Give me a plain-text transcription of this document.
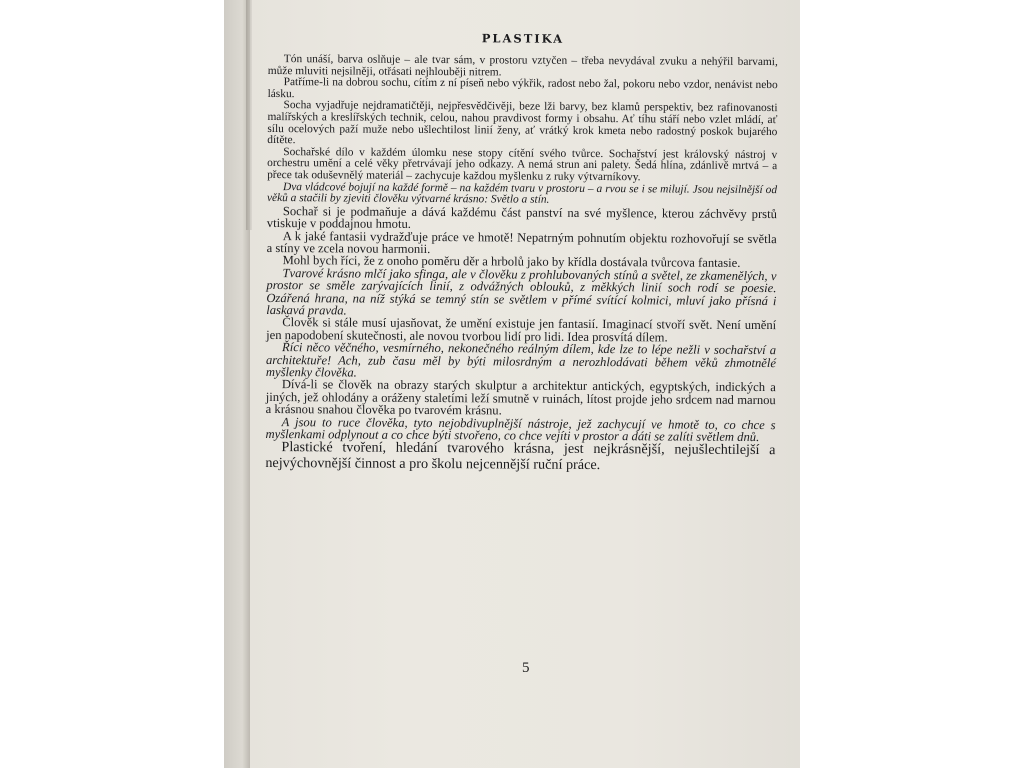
PLASTIKA

Tón unáší, barva oslňuje – ale tvar sám, v prostoru vztyčen – třeba nevydával zvuku a nehýřil barvami, může mluviti nejsilněji, otřásati nejhlouběji nitrem.

Patříme-li na dobrou sochu, cítím z ní píseň nebo výkřik, radost nebo žal, pokoru nebo vzdor, nenávist nebo lásku.

Socha vyjadřuje nejdramatičtěji, nejpřesvědčivěji, beze lži barvy, bez klamů perspektiv, bez rafinovanosti malířských a kreslířských technik, celou, nahou pravdivost formy i obsahu. Ať tíhu stáří nebo vzlet mládí, ať sílu ocelových paží muže nebo ušlechtilost linií ženy, ať vrátký krok kmeta nebo radostný poskok bujarého dítěte.

Sochařské dílo v každém úlomku nese stopy cítění svého tvůrce. Sochařství jest královský nástroj v orchestru umění a celé věky přetrvávají jeho odkazy. A nemá strun ani palety. Šedá hlína, zdánlivě mrtvá – a přece tak oduševnělý materiál – zachycuje každou myšlenku z ruky výtvarníkovy.

Dva vládcové bojují na každé formě – na každém tvaru v prostoru – a rvou se i se milují. Jsou nejsilnější od věků a stačili by zjeviti člověku výtvarné krásno: Světlo a stín.

Sochař si je podmaňuje a dává každému část panství na své myšlence, kterou záchvěvy prstů vtiskuje v poddajnou hmotu.

A k jaké fantasii vydražďuje práce ve hmotě! Nepatrným pohnutím objektu rozhovořují se světla a stíny ve zcela novou harmonii.

Mohl bych říci, že z onoho poměru děr a hrbolů jako by křídla dostávala tvůrcova fantasie.

Tvarové krásno mlčí jako sfinga, ale v člověku z prohlubovaných stínů a světel, ze zkamenělých, v prostor se směle zarývajících linií, z odvážných oblouků, z měkkých linií soch rodí se poesie. Ozářená hrana, na níž stýká se temný stín se světlem v přímé svítící kolmici, mluví jako přísná i laskavá pravda.

Člověk si stále musí ujasňovat, že umění existuje jen fantasií. Imaginací stvoří svět. Není umění jen napodobení skutečnosti, ale novou tvorbou lidí pro lidi. Idea prosvítá dílem.

Říci něco věčného, vesmírného, nekonečného reálným dílem, kde lze to lépe nežli v sochařství a architektuře! Ach, zub času měl by býti milosrdným a nerozhlodávati během věků zhmotnělé myšlenky člověka.

Dívá-li se člověk na obrazy starých skulptur a architektur antických, egyptských, indických a jiných, jež ohlodány a oráženy staletími leží smutně v ruinách, lítost projde jeho srdcem nad marnou a krásnou snahou člověka po tvarovém krásnu.

A jsou to ruce člověka, tyto nejobdivuplnější nástroje, jež zachycují ve hmotě to, co chce s myšlenkami odplynout a co chce býti stvořeno, co chce vejíti v prostor a dáti se zalíti světlem dnů.

Plastické tvoření, hledání tvarového krásna, jest nejkrásnější, nejušlechtilejší a nejvýchovnější činnost a pro školu nejcennější ruční práce.

5
